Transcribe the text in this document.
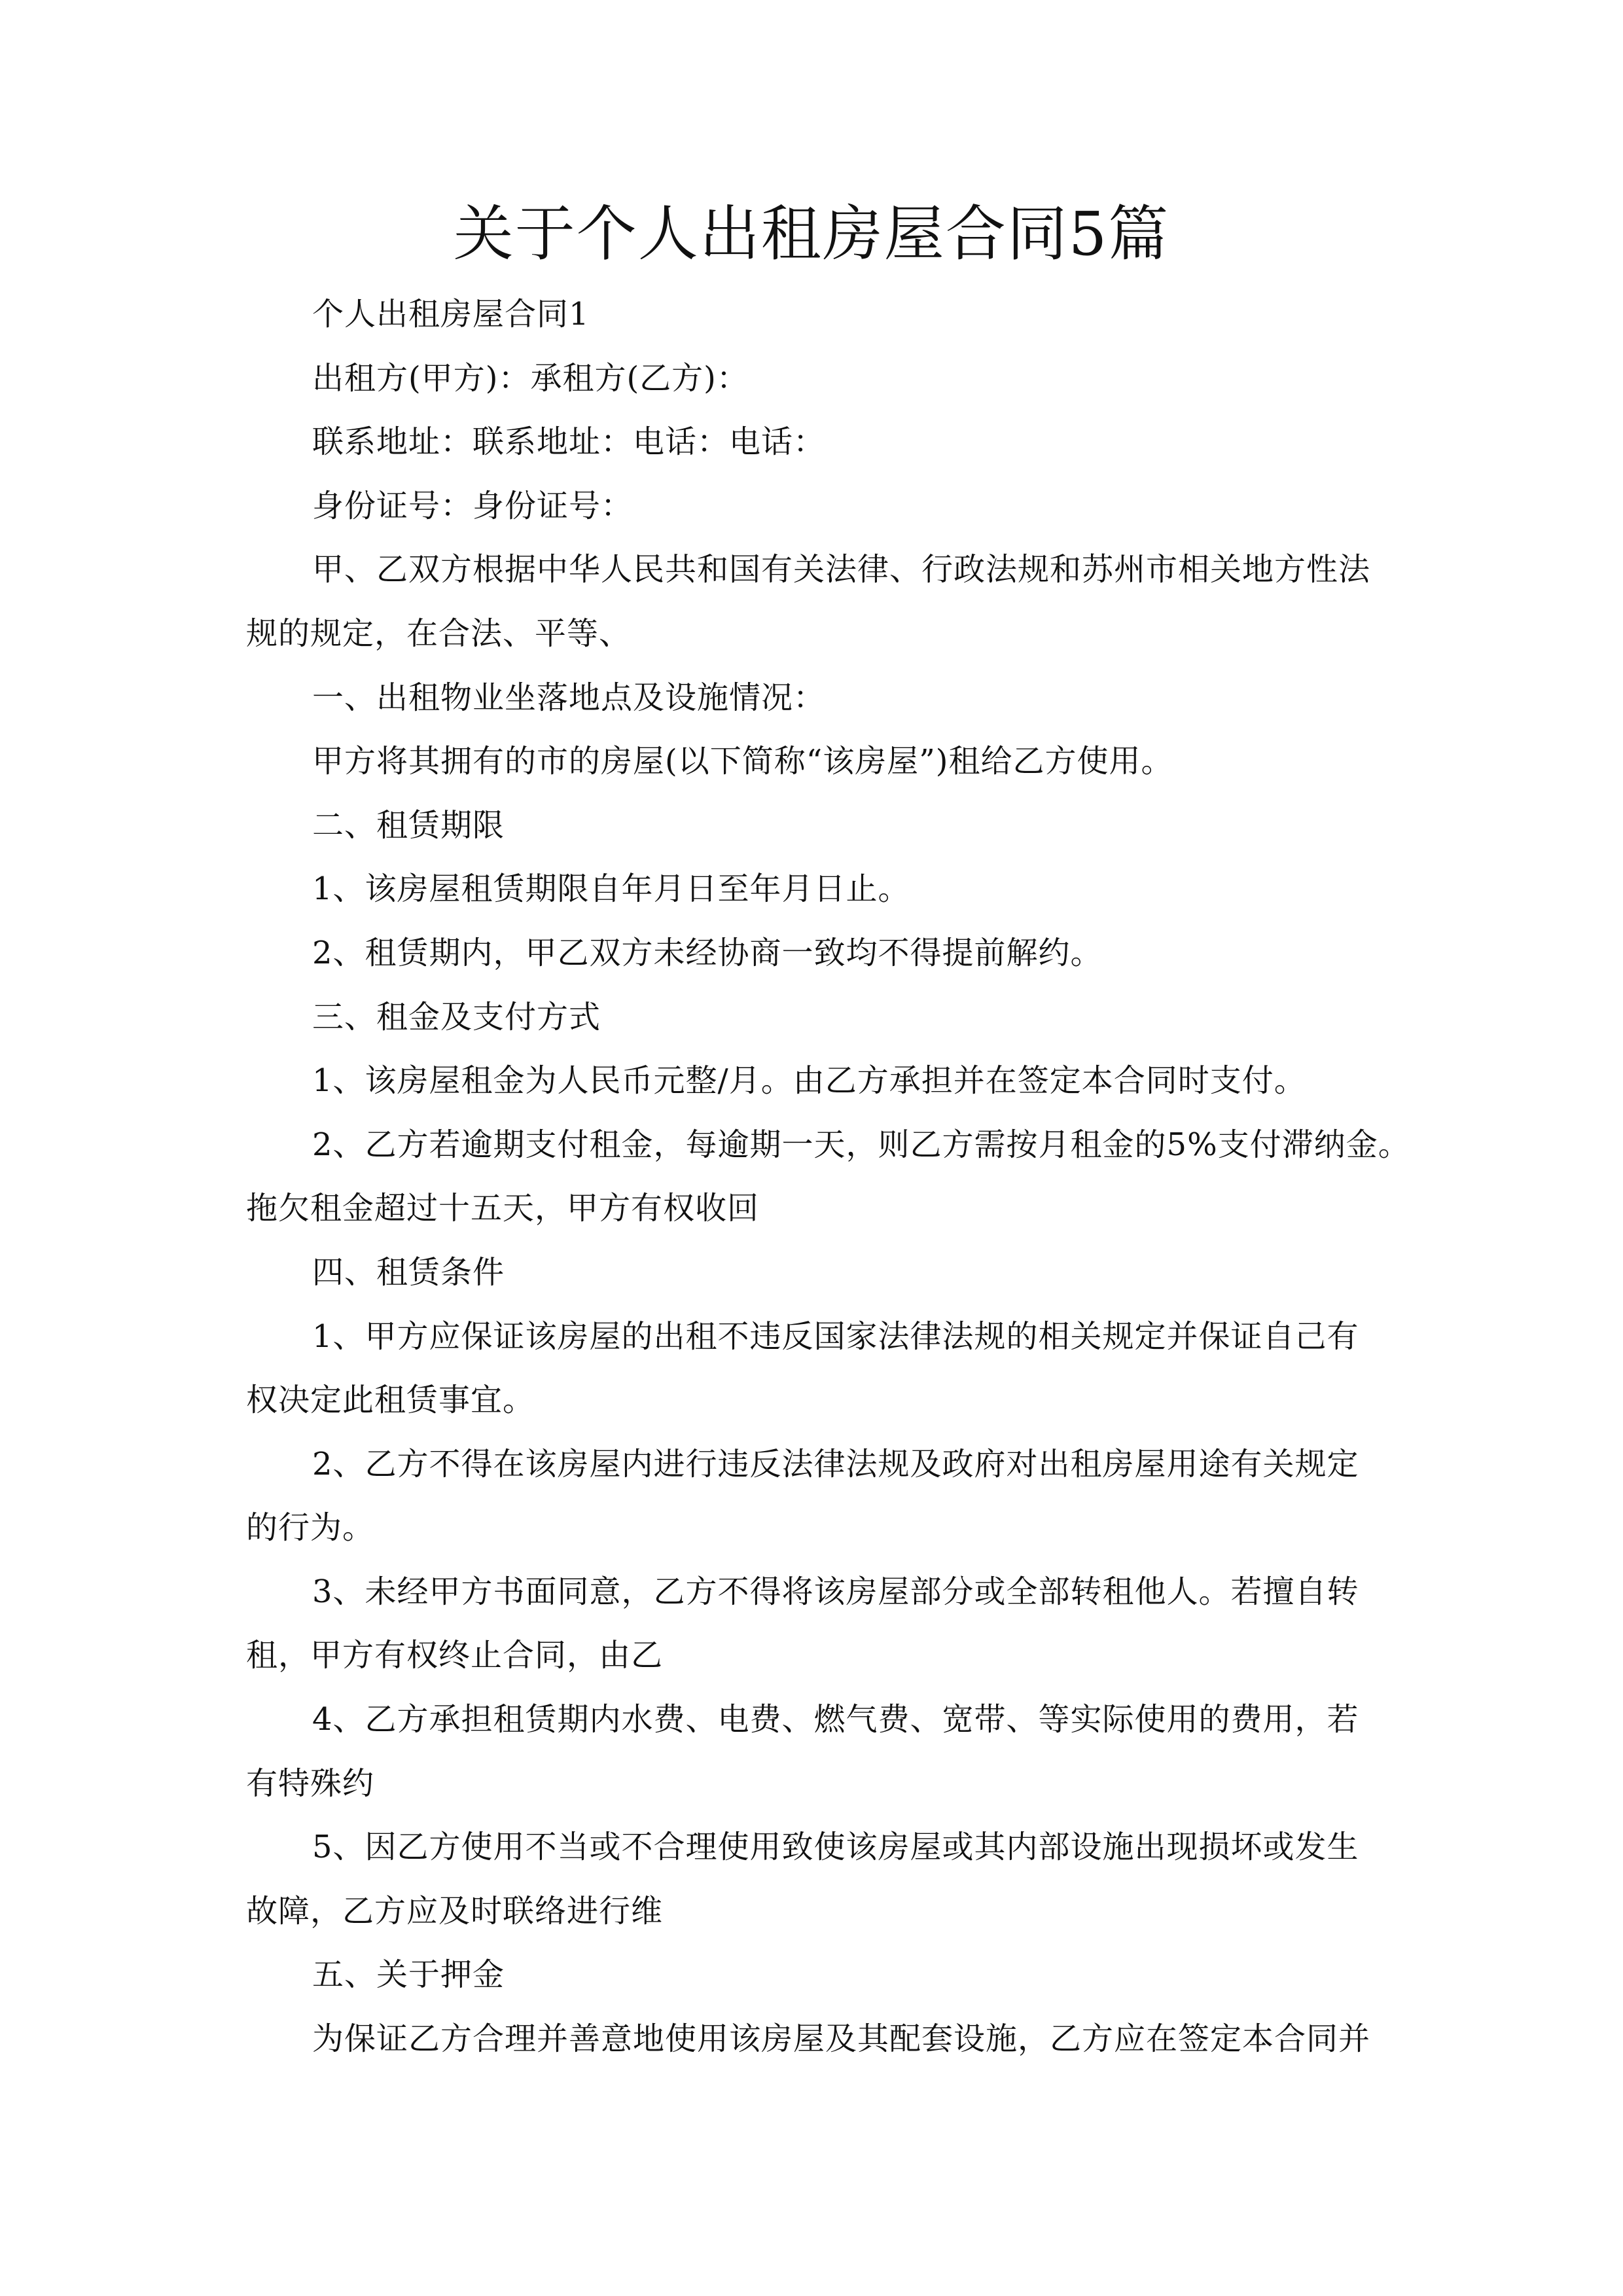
关于个人出租房屋合同5篇
个人出租房屋合同1
出租方(甲方)：承租方(乙方)：
联系地址：联系地址：电话：电话：
身份证号：身份证号：
甲、乙双方根据中华人民共和国有关法律、行政法规和苏州市相关地方性法
规的规定，在合法、平等、
一、出租物业坐落地点及设施情况：
甲方将其拥有的市的房屋(以下简称“该房屋”)租给乙方使用。
二、租赁期限
1、该房屋租赁期限自年月日至年月日止。
2、租赁期内，甲乙双方未经协商一致均不得提前解约。
三、租金及支付方式
1、该房屋租金为人民币元整/月。由乙方承担并在签定本合同时支付。
2、乙方若逾期支付租金，每逾期一天，则乙方需按月租金的5%支付滞纳金。
拖欠租金超过十五天，甲方有权收回
四、租赁条件
1、甲方应保证该房屋的出租不违反国家法律法规的相关规定并保证自己有
权决定此租赁事宜。
2、乙方不得在该房屋内进行违反法律法规及政府对出租房屋用途有关规定
的行为。
3、未经甲方书面同意，乙方不得将该房屋部分或全部转租他人。若擅自转
租，甲方有权终止合同，由乙
4、乙方承担租赁期内水费、电费、燃气费、宽带、等实际使用的费用，若
有特殊约
5、因乙方使用不当或不合理使用致使该房屋或其内部设施出现损坏或发生
故障，乙方应及时联络进行维
五、关于押金
为保证乙方合理并善意地使用该房屋及其配套设施，乙方应在签定本合同并
